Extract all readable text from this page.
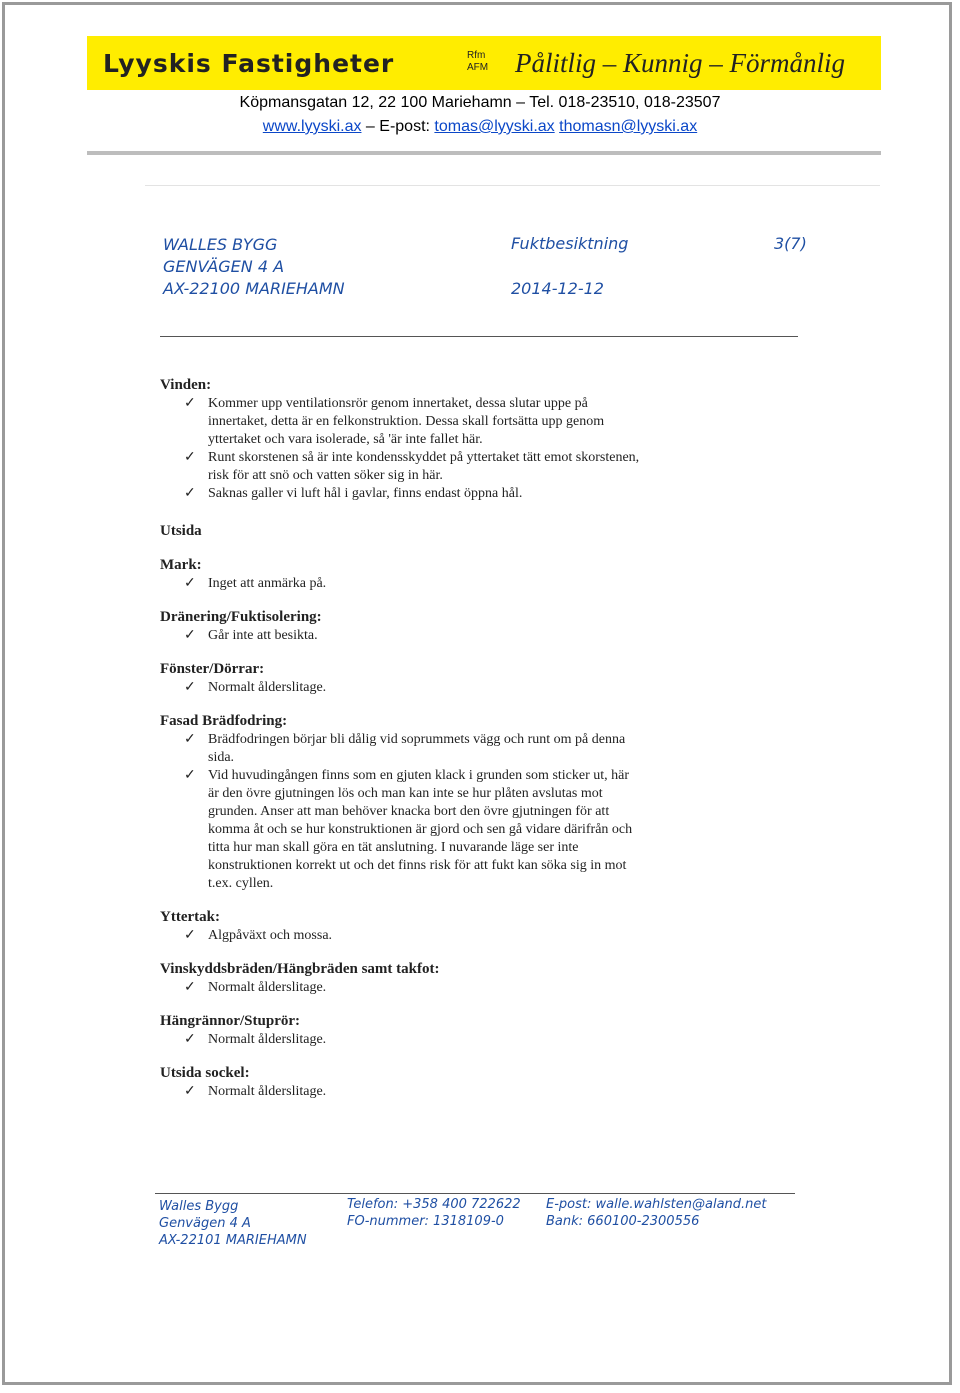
Lyyskis Fastigheter	Rfm
AFM Pålitlig – Kunnig – Förmånlig
Köpmansgatan 12, 22 100 Mariehamn – Tel. 018-23510, 018-23507
www.lyyski.ax – E-post: tomas@lyyski.ax thomasn@lyyski.ax
WALLES BYGG
GENVÄGEN 4 A
AX-22100 MARIEHAMN
Fuktbesiktning	3(7)
2014-12-12

Vinden:

✓ Kommer upp ventilationsrör genom innertaket, dessa slutar uppe på innertaket, detta är en felkonstruktion. Dessa skall fortsätta upp genom yttertaket och vara isolerade, så 'är inte fallet här.

✓ Runt skorstenen så är inte kondensskyddet på yttertaket tätt emot skorstenen, risk för att snö och vatten söker sig in här.

✓ Saknas galler vi luft hål i gavlar, finns endast öppna hål.

Utsida

Mark:

✓ Inget att anmärka på.

Dränering/Fuktisolering:

✓ Går inte att besikta.

Fönster/Dörrar:

✓ Normalt ålderslitage.

Fasad Brädfodring:

✓ Brädfodringen börjar bli dålig vid soprummets vägg och runt om på denna sida.

✓ Vid huvudingången finns som en gjuten klack i grunden som sticker ut, här är den övre gjutningen lös och man kan inte se hur plåten avslutas mot grunden. Anser att man behöver knacka bort den övre gjutningen för att komma åt och se hur konstruktionen är gjord och sen gå vidare därifrån och titta hur man skall göra en tät anslutning. I nuvarande läge ser inte konstruktionen korrekt ut och det finns risk för att fukt kan söka sig in mot t.ex. cyllen.

Yttertak:

✓ Algpåväxt och mossa.

Vinskyddsbräden/Hängbräden samt takfot:

✓ Normalt ålderslitage.

Hängrännor/Stuprör:

✓ Normalt ålderslitage.

Utsida sockel:

✓ Normalt ålderslitage.

Walles Bygg
Genvägen 4 A
AX-22101 MARIEHAMN
Telefon: +358 400 722622
FO-nummer: 1318109-0
E-post: walle.wahlsten@aland.net
Bank: 660100-2300556
